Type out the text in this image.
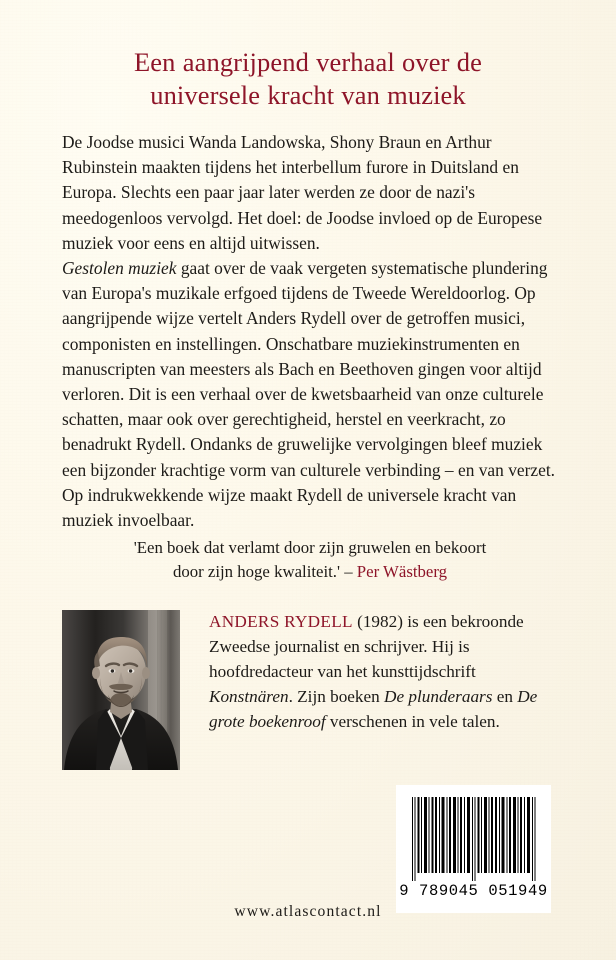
Een aangrijpend verhaal over de
universele kracht van muziek

De Joodse musici Wanda Landowska, Shony Braun en Arthur Rubinstein maakten tijdens het interbellum furore in Duitsland en Europa. Slechts een paar jaar later werden ze door de nazi's meedogenloos vervolgd. Het doel: de Joodse invloed op de Europese muziek voor eens en altijd uitwissen.

Gestolen muziek gaat over de vaak vergeten systematische plundering van Europa's muzikale erfgoed tijdens de Tweede Wereldoorlog. Op aangrijpende wijze vertelt Anders Rydell over de getroffen musici, componisten en instellingen. Onschatbare muziekinstrumenten en manuscripten van meesters als Bach en Beethoven gingen voor altijd verloren. Dit is een verhaal over de kwetsbaarheid van onze culturele schatten, maar ook over gerechtigheid, herstel en veerkracht, zo benadrukt Rydell. Ondanks de gruwelijke vervolgingen bleef muziek een bijzonder krachtige vorm van culturele verbinding – en van verzet. Op indrukwekkende wijze maakt Rydell de universele kracht van muziek invoelbaar.

'Een boek dat verlamt door zijn gruwelen en bekoort
door zijn hoge kwaliteit.' – Per Wästberg
ANDERS RYDELL (1982) is een bekroonde Zweedse journalist en schrijver. Hij is hoofdredacteur van het kunsttijdschrift Konstnären. Zijn boeken De plunderaars en De grote boekenroof verschenen in vele talen.
9 789045 051949
www.atlascontact.nl
